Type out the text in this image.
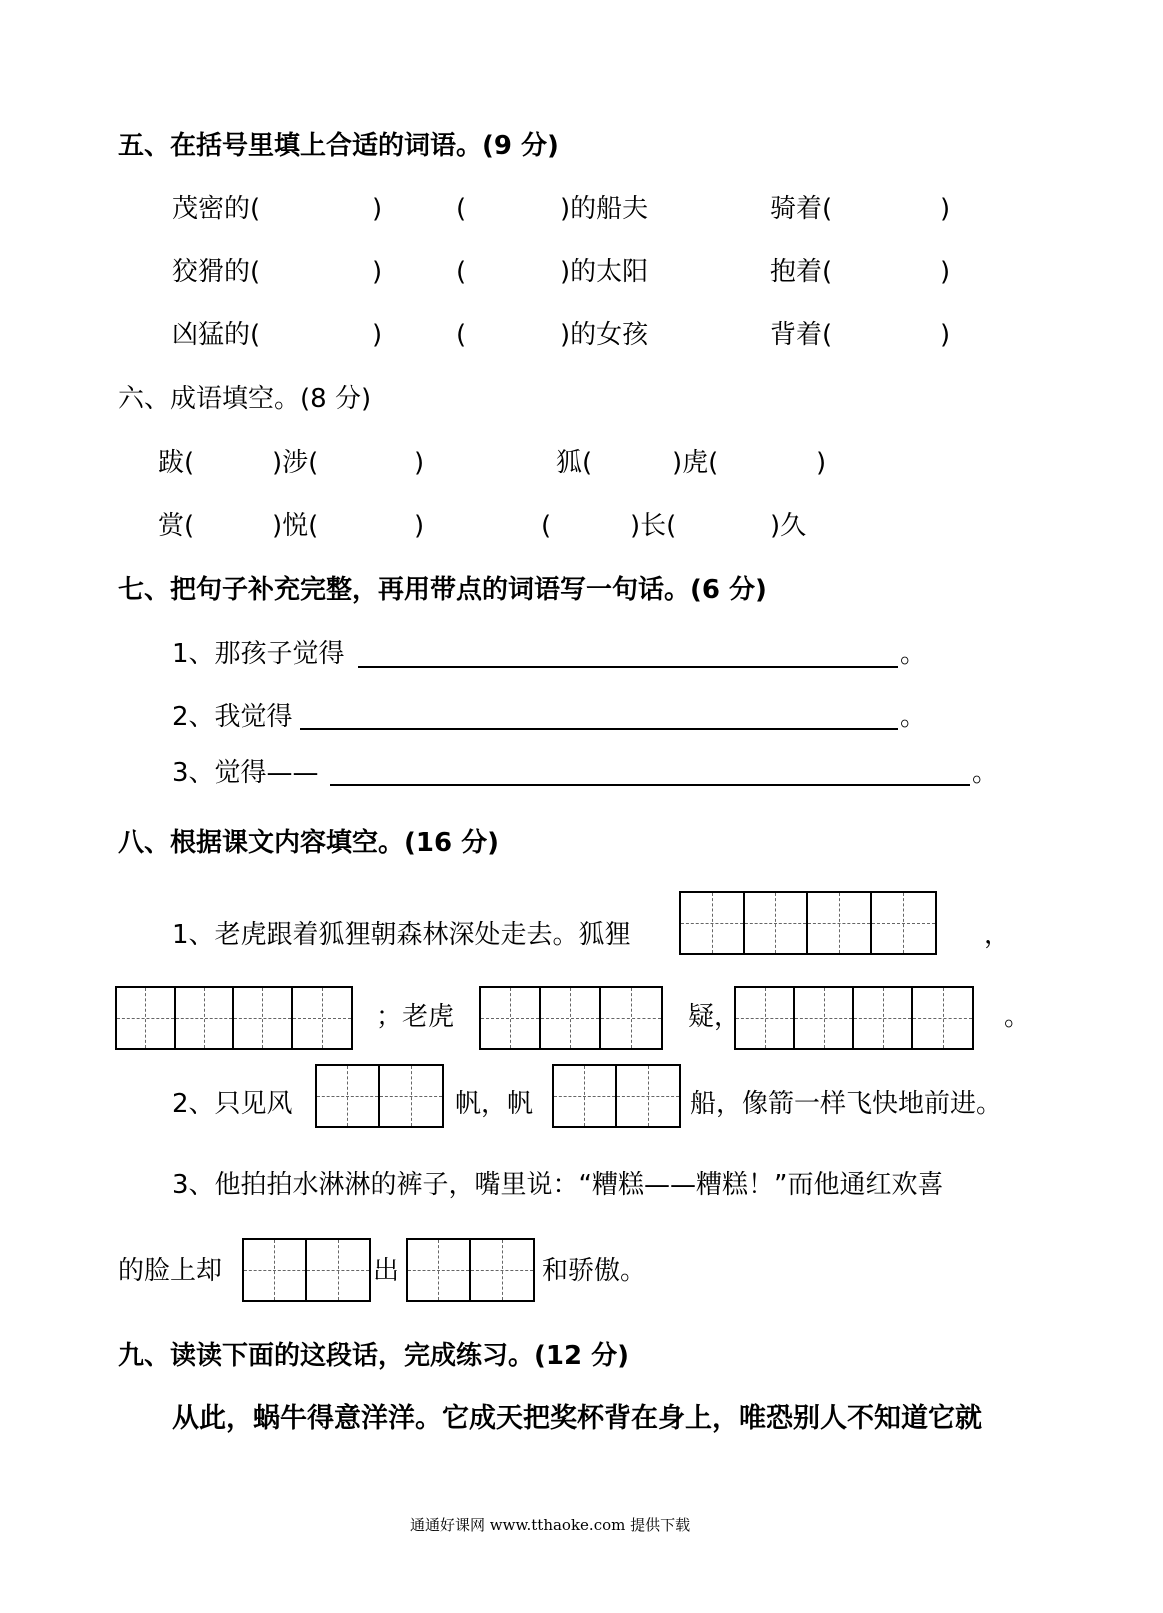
五、在括号里填上合适的词语。(9 分)
茂密的(	)	(	)的船夫	骑着(	)
狡猾的(	)	(	)的太阳	抱着(	)
凶猛的(	)	(	)的女孩	背着(	)
六、成语填空。(8 分)
跋(	)涉(	)	狐(	)虎(	)
赏(	)悦(	)	(	)长(	)久
七、把句子补充完整，再用带点的词语写一句话。(6 分)
1、那孩子觉得	。
2、我觉得	。
3、觉得——	。
八、根据课文内容填空。(16 分)
1、老虎跟着狐狸朝森林深处走去。狐狸	，
；老虎	疑，	。
2、只见风	帆，帆	船，像箭一样飞快地前进。
3、他拍拍水淋淋的裤子，嘴里说：“糟糕——糟糕！”而他通红欢喜
的脸上却	出	和骄傲。
九、读读下面的这段话，完成练习。(12 分)
从此，蜗牛得意洋洋。它成天把奖杯背在身上，唯恐别人不知道它就
通通好课网 www.tthaoke.com 提供下载
